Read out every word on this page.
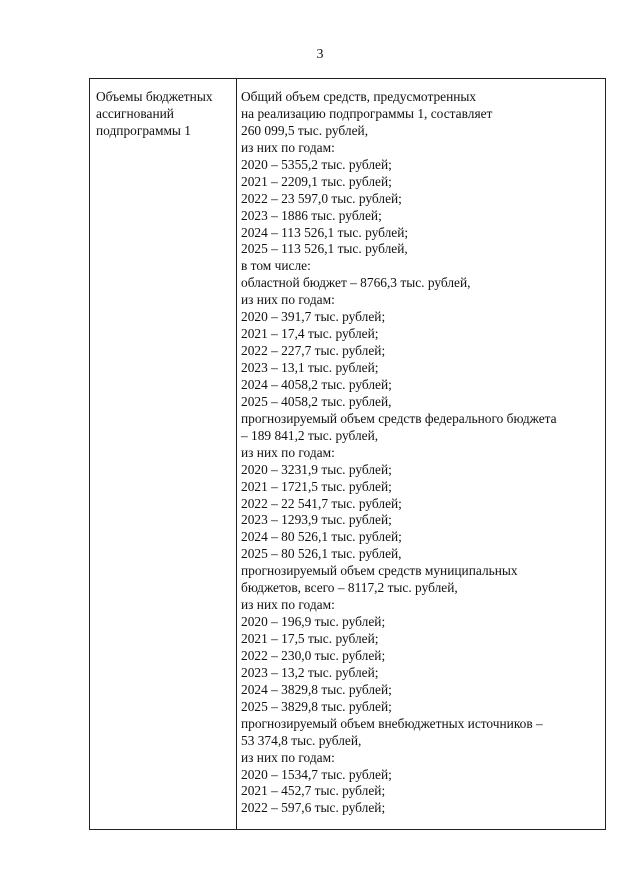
3
Объемы бюджетных
ассигнований
подпрограммы 1
Общий объем средств, предусмотренных
на реализацию подпрограммы 1, составляет
260 099,5 тыс. рублей,
из них по годам:
2020 – 5355,2 тыс. рублей;
2021 – 2209,1 тыс. рублей;
2022 – 23 597,0 тыс. рублей;
2023 – 1886 тыс. рублей;
2024 – 113 526,1 тыс. рублей;
2025 – 113 526,1 тыс. рублей,
в том числе:
областной бюджет – 8766,3 тыс. рублей,
из них по годам:
2020 – 391,7 тыс. рублей;
2021 – 17,4 тыс. рублей;
2022 – 227,7 тыс. рублей;
2023 – 13,1 тыс. рублей;
2024 – 4058,2 тыс. рублей;
2025 – 4058,2 тыс. рублей,
прогнозируемый объем средств федерального бюджета
– 189 841,2 тыс. рублей,
из них по годам:
2020 – 3231,9 тыс. рублей;
2021 – 1721,5 тыс. рублей;
2022 – 22 541,7 тыс. рублей;
2023 – 1293,9 тыс. рублей;
2024 – 80 526,1 тыс. рублей;
2025 – 80 526,1 тыс. рублей,
прогнозируемый объем средств муниципальных
бюджетов, всего – 8117,2 тыс. рублей,
из них по годам:
2020 – 196,9 тыс. рублей;
2021 – 17,5 тыс. рублей;
2022 – 230,0 тыс. рублей;
2023 – 13,2 тыс. рублей;
2024 – 3829,8 тыс. рублей;
2025 – 3829,8 тыс. рублей;
прогнозируемый объем внебюджетных источников –
53 374,8 тыс. рублей,
из них по годам:
2020 – 1534,7 тыс. рублей;
2021 – 452,7 тыс. рублей;
2022 – 597,6 тыс. рублей;
